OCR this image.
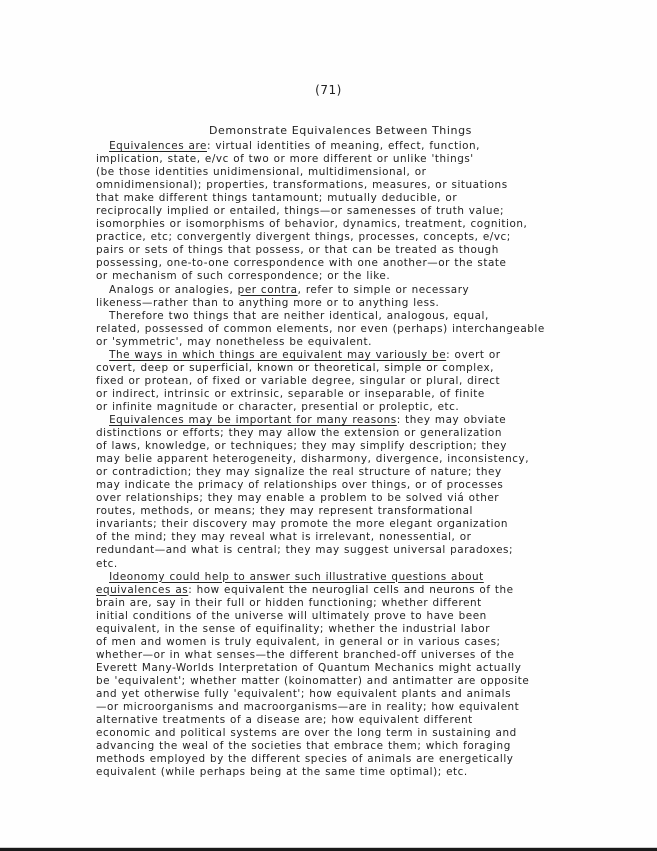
(71)
Demonstrate Equivalences Between Things
Equivalences are: virtual identities of meaning, effect, function,
implication, state, e/vc of two or more different or unlike 'things'
(be those identities unidimensional, multidimensional, or
omnidimensional); properties, transformations, measures, or situations
that make different things tantamount; mutually deducible, or
reciprocally implied or entailed, things—or samenesses of truth value;
isomorphies or isomorphisms of behavior, dynamics, treatment, cognition,
practice, etc; convergently divergent things, processes, concepts, e/vc;
pairs or sets of things that possess, or that can be treated as though
possessing, one-to-one correspondence with one another—or the state
or mechanism of such correspondence; or the like.
Analogs or analogies, per contra, refer to simple or necessary
likeness—rather than to anything more or to anything less.
Therefore two things that are neither identical, analogous, equal,
related, possessed of common elements, nor even (perhaps) interchangeable
or 'symmetric', may nonetheless be equivalent.
The ways in which things are equivalent may variously be: overt or
covert, deep or superficial, known or theoretical, simple or complex,
fixed or protean, of fixed or variable degree, singular or plural, direct
or indirect, intrinsic or extrinsic, separable or inseparable, of finite
or infinite magnitude or character, presential or proleptic, etc.
Equivalences may be important for many reasons: they may obviate
distinctions or efforts; they may allow the extension or generalization
of laws, knowledge, or techniques; they may simplify description; they
may belie apparent heterogeneity, disharmony, divergence, inconsistency,
or contradiction; they may signalize the real structure of nature; they
may indicate the primacy of relationships over things, or of processes
over relationships; they may enable a problem to be solved viá other
routes, methods, or means; they may represent transformational
invariants; their discovery may promote the more elegant organization
of the mind; they may reveal what is irrelevant, nonessential, or
redundant—and what is central; they may suggest universal paradoxes;
etc.
Ideonomy could help to answer such illustrative questions about
equivalences as: how equivalent the neuroglial cells and neurons of the
brain are, say in their full or hidden functioning; whether different
initial conditions of the universe will ultimately prove to have been
equivalent, in the sense of equifinality; whether the industrial labor
of men and women is truly equivalent, in general or in various cases;
whether—or in what senses—the different branched-off universes of the
Everett Many-Worlds Interpretation of Quantum Mechanics might actually
be 'equivalent'; whether matter (koinomatter) and antimatter are opposite
and yet otherwise fully 'equivalent'; how equivalent plants and animals
—or microorganisms and macroorganisms—are in reality; how equivalent
alternative treatments of a disease are; how equivalent different
economic and political systems are over the long term in sustaining and
advancing the weal of the societies that embrace them; which foraging
methods employed by the different species of animals are energetically
equivalent (while perhaps being at the same time optimal); etc.
